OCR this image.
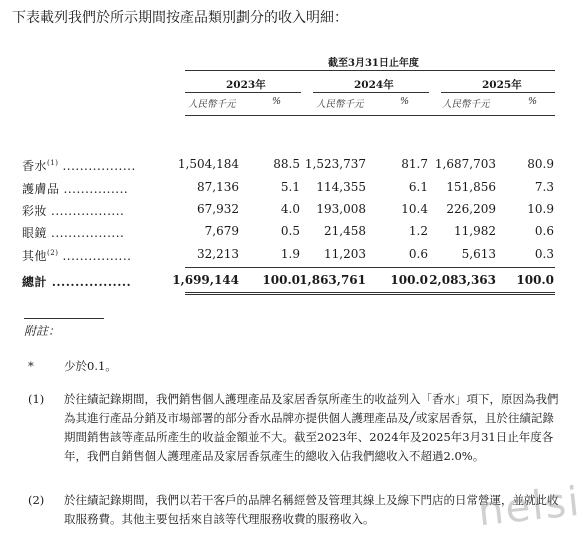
下表載列我們於所示期間按產品類別劃分的收入明細：
截至3月31日止年度
2023年	2024年	2025年
人民幣千元	%	人民幣千元	%	人民幣千元	%
香水$^{(1)}$ .................	1,504,184	88.5 1,523,737	81.7 1,687,703	80.9
護膚品 ...............	87,136	5.1 114,355	6.1 151,856	7.3
彩妝 .................	67,932	4.0 193,008	10.4 226,209	10.9
眼鏡 .................	7,679	0.5 21,458	1.2 11,982	0.6
其他$^{(2)}$ ................	32,213	1.9 11,203	0.6	5,613	0.3
總計 .................	1,699,144 100.0 1,863,761 100.0 2,083,363 100.0
附註：
*	少於0.1。
(1) 於往績記錄期間，我們銷售個人護理產品及家居香氛所產生的收益列入「香水」項下，原因為我們為其進行產品分銷及市場部署的部分香水品牌亦提供個人護理產品及╱或家居香氛，且於往績記錄期間銷售該等產品所產生的收益金額並不大。截至2023年、2024年及2025年3月31日止年度各年，我們自銷售個人護理產品及家居香氛產生的總收入佔我們總收入不超過2.0%。
(2) 於往績記錄期間，我們以若干客戶的品牌名稱經營及管理其線上及線下門店的日常營運，並就此收取服務費。其他主要包括來自該等代理服務收費的服務收入。	nelsi
